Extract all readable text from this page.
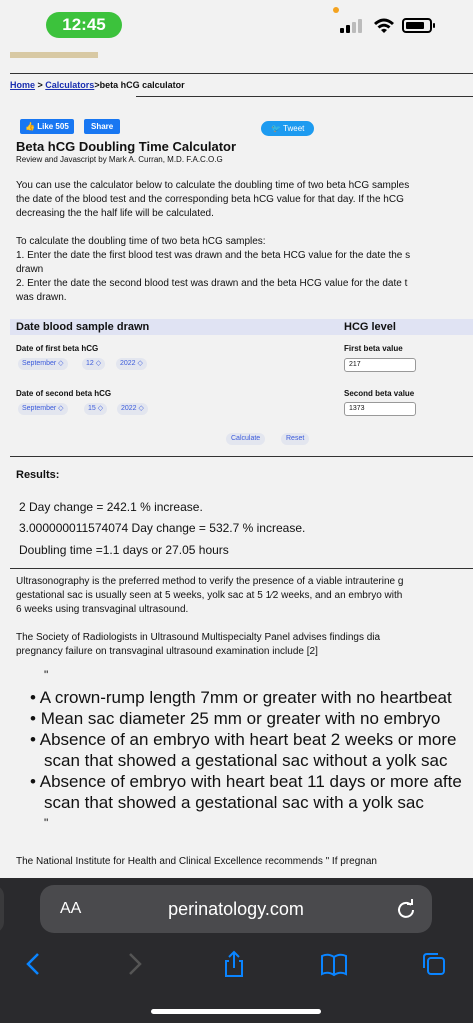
12:45
Home > Calculators>beta hCG calculator
👍 Like 505	Share	🐦 Tweet
Beta hCG Doubling Time Calculator
Review and Javascript by Mark A. Curran, M.D. F.A.C.O.G
You can use the calculator below to calculate the doubling time of two beta hCG samples
the date of the blood test and the corresponding beta hCG value for that day. If the hCG
decreasing the the half life will be calculated.
To calculate the doubling time of two beta hCG samples:
1. Enter the date the first blood test was drawn and the beta HCG value for the date the s
drawn
2. Enter the date the second blood test was drawn and the beta HCG value for the date t
was drawn.
Date blood sample drawn	HCG level
Date of first beta hCG
September ◇	12 ◇	2022 ◇
First beta value
217
Date of second beta hCG
September ◇	15 ◇	2022 ◇
Second beta value
1373
Calculate	Reset
Results:
2 Day change = 242.1 % increase.
3.000000011574074 Day change = 532.7 % increase.
Doubling time =1.1 days or 27.05 hours
Ultrasonography is the preferred method to verify the presence of a viable intrauterine g
gestational sac is usually seen at 5 weeks, yolk sac at 5 1⁄2 weeks, and an embryo with
6 weeks using transvaginal ultrasound.
The Society of Radiologists in Ultrasound Multispecialty Panel advises findings dia
pregnancy failure on transvaginal ultrasound examination include [2]
"
• A crown-rump length 7mm or greater with no heartbeat
• Mean sac diameter 25 mm or greater with no embryo
• Absence of an embryo with heart beat 2 weeks or more
scan that showed a gestational sac without a yolk sac
• Absence of embryo with heart beat 11 days or more afte
scan that showed a gestational sac with a yolk sac
"
The National Institute for Health and Clinical Excellence recommends " If pregnan
AA	perinatology.com
